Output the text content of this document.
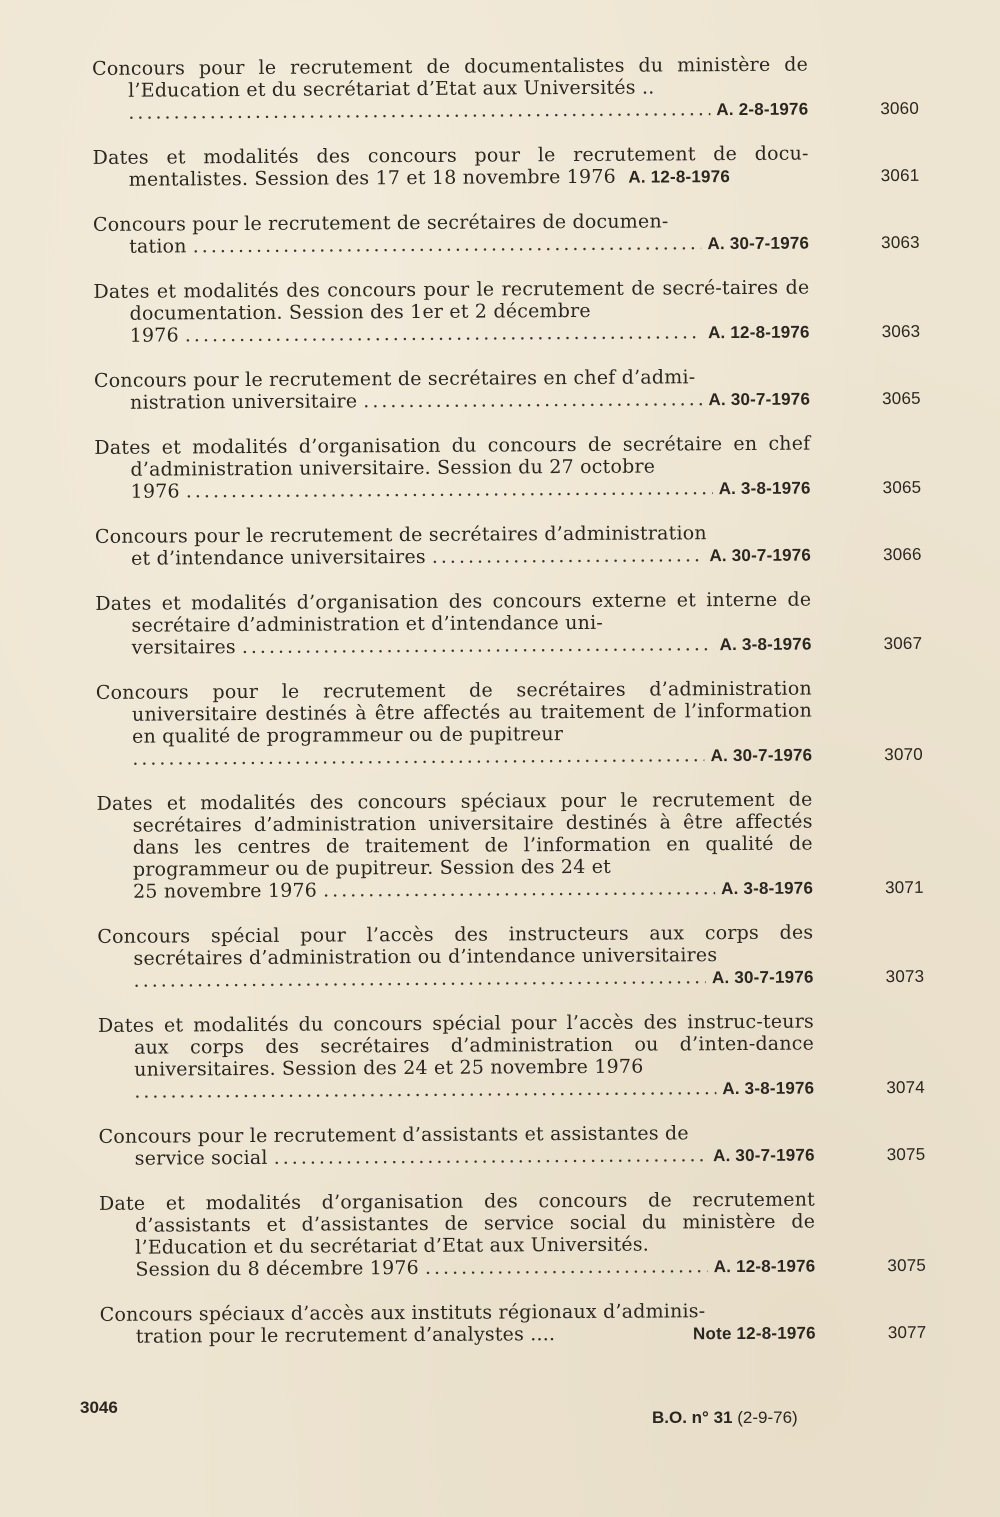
Concours pour le recrutement de documentalistes du ministère de l’Education et du secrétariat d’Etat aux Universités ..
.....
A. 2-8-1976	3060
Dates et modalités des concours pour le recrutement de docu-mentalistes. Session des 17 et 18 novembre 1976 A. 12-8-1976	3061
Concours pour le recrutement de secrétaires de documen-
tation .....	A. 30-7-1976	3063
Dates et modalités des concours pour le recrutement de secré-taires de documentation. Session des 1er et 2 décembre
1976 .....	A. 12-8-1976	3063
Concours pour le recrutement de secrétaires en chef d’admi-
nistration universitaire .....	A. 30-7-1976	3065
Dates et modalités d’organisation du concours de secrétaire en chef d’administration universitaire. Session du 27 octobre
1976 .....	A. 3-8-1976	3065
Concours pour le recrutement de secrétaires d’administration
et d’intendance universitaires .....	A. 30-7-1976	3066
Dates et modalités d’organisation des concours externe et interne de secrétaire d’administration et d’intendance uni-
versitaires .....	A. 3-8-1976	3067
Concours pour le recrutement de secrétaires d’administration universitaire destinés à être affectés au traitement de l’information en qualité de programmeur ou de pupitreur
.....
A. 30-7-1976	3070
Dates et modalités des concours spéciaux pour le recrutement de secrétaires d’administration universitaire destinés à être affectés dans les centres de traitement de l’information en qualité de programmeur ou de pupitreur. Session des 24 et
25 novembre 1976 .....	A. 3-8-1976	3071
Concours spécial pour l’accès des instructeurs aux corps des secrétaires d’administration ou d’intendance universitaires
.....
A. 30-7-1976	3073
Dates et modalités du concours spécial pour l’accès des instruc-teurs aux corps des secrétaires d’administration ou d’inten-dance universitaires. Session des 24 et 25 novembre 1976
.....
A. 3-8-1976	3074
Concours pour le recrutement d’assistants et assistantes de
service social .....	A. 30-7-1976	3075
Date et modalités d’organisation des concours de recrutement d’assistants et d’assistantes de service social du ministère de l’Education et du secrétariat d’Etat aux Universités.
Session du 8 décembre 1976 .....	A. 12-8-1976	3075
Concours spéciaux d’accès aux instituts régionaux d’adminis-
tration pour le recrutement d’analystes ....	Note 12-8-1976	3077
3046
B.O. n° 31 (2-9-76)
